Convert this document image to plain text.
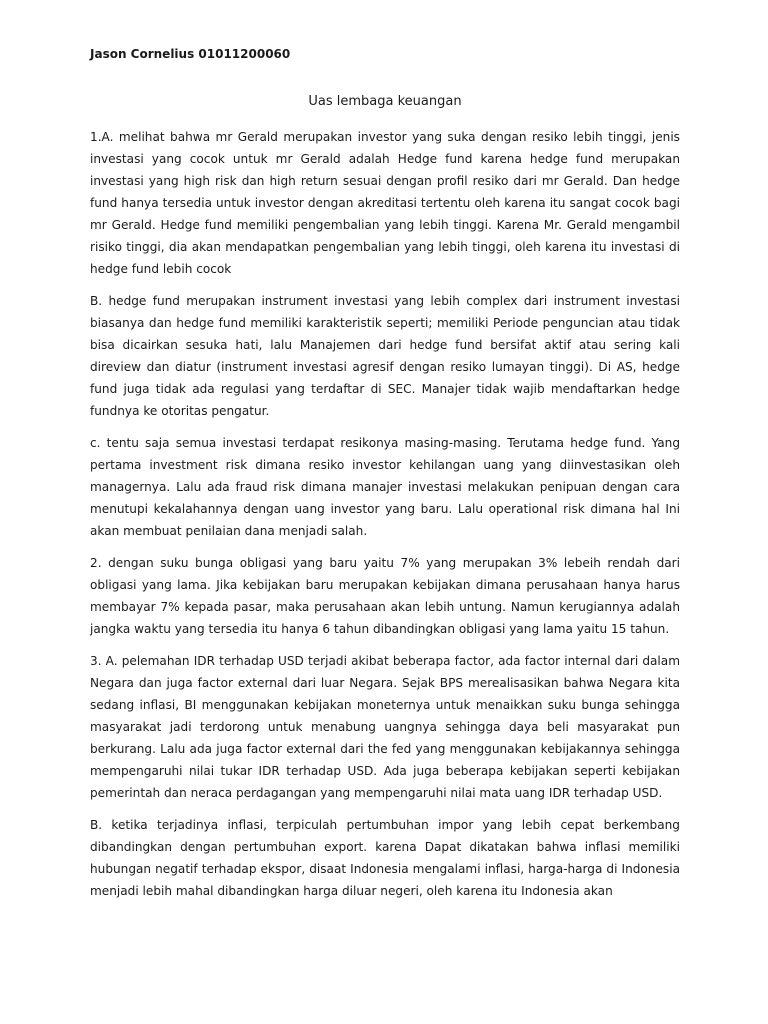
Jason Cornelius 01011200060
Uas lembaga keuangan

1.A. melihat bahwa mr Gerald merupakan investor yang suka dengan resiko lebih tinggi, jenis investasi yang cocok untuk mr Gerald adalah Hedge fund karena hedge fund merupakan investasi yang high risk dan high return sesuai dengan profil resiko dari mr Gerald. Dan hedge fund hanya tersedia untuk investor dengan akreditasi tertentu oleh karena itu sangat cocok bagi mr Gerald. Hedge fund memiliki pengembalian yang lebih tinggi. Karena Mr. Gerald mengambil risiko tinggi, dia akan mendapatkan pengembalian yang lebih tinggi, oleh karena itu investasi di hedge fund lebih cocok

B. hedge fund merupakan instrument investasi yang lebih complex dari instrument investasi biasanya dan hedge fund memiliki karakteristik seperti; memiliki Periode penguncian atau tidak bisa dicairkan sesuka hati, lalu Manajemen dari hedge fund bersifat aktif atau sering kali direview dan diatur (instrument investasi agresif dengan resiko lumayan tinggi). Di AS, hedge fund juga tidak ada regulasi yang terdaftar di SEC. Manajer tidak wajib mendaftarkan hedge fundnya ke otoritas pengatur.

c. tentu saja semua investasi terdapat resikonya masing-masing. Terutama hedge fund. Yang pertama investment risk dimana resiko investor kehilangan uang yang diinvestasikan oleh managernya. Lalu ada fraud risk dimana manajer investasi melakukan penipuan dengan cara menutupi kekalahannya dengan uang investor yang baru. Lalu operational risk dimana hal Ini akan membuat penilaian dana menjadi salah.

2. dengan suku bunga obligasi yang baru yaitu 7% yang merupakan 3% lebeih rendah dari obligasi yang lama. Jika kebijakan baru merupakan kebijakan dimana perusahaan hanya harus membayar 7% kepada pasar, maka perusahaan akan lebih untung. Namun kerugiannya adalah jangka waktu yang tersedia itu hanya 6 tahun dibandingkan obligasi yang lama yaitu 15 tahun.

3. A. pelemahan IDR terhadap USD terjadi akibat beberapa factor, ada factor internal dari dalam Negara dan juga factor external dari luar Negara. Sejak BPS merealisasikan bahwa Negara kita sedang inflasi, BI menggunakan kebijakan moneternya untuk menaikkan suku bunga sehingga masyarakat jadi terdorong untuk menabung uangnya sehingga daya beli masyarakat pun berkurang. Lalu ada juga factor external dari the fed yang menggunakan kebijakannya sehingga mempengaruhi nilai tukar IDR terhadap USD. Ada juga beberapa kebijakan seperti kebijakan pemerintah dan neraca perdagangan yang mempengaruhi nilai mata uang IDR terhadap USD.

B. ketika terjadinya inflasi, terpiculah pertumbuhan impor yang lebih cepat berkembang dibandingkan dengan pertumbuhan export. karena Dapat dikatakan bahwa inflasi memiliki hubungan negatif terhadap ekspor, disaat Indonesia mengalami inflasi, harga-harga di Indonesia menjadi lebih mahal dibandingkan harga diluar negeri, oleh karena itu Indonesia akan
